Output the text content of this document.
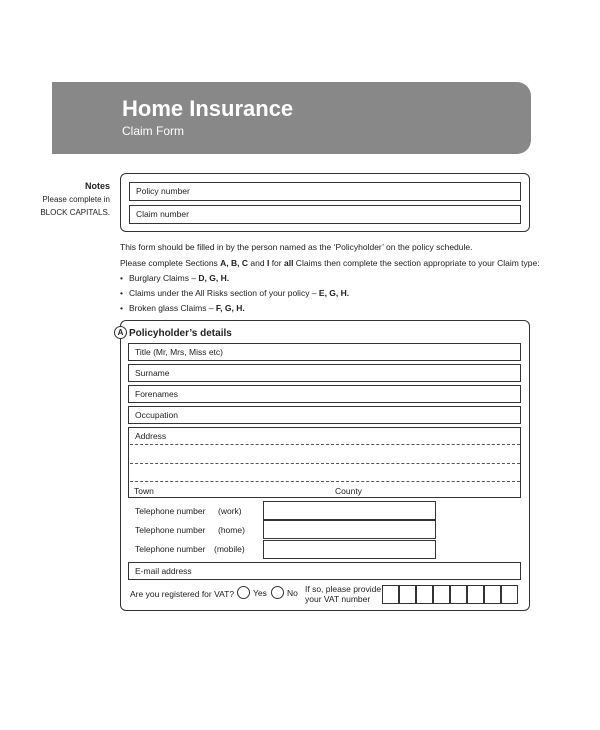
Home Insurance
Claim Form
Notes
Please complete in
BLOCK CAPITALS.
Policy number
Claim number
This form should be filled in by the person named as the ‘Policyholder’ on the policy schedule.
Please complete Sections A, B, C and I for all Claims then complete the section appropriate to your Claim type:
• Burglary Claims – D, G, H.
• Claims under the All Risks section of your policy – E, G, H.
• Broken glass Claims – F, G, H.
A Policyholder’s details
Title (Mr, Mrs, Miss etc)
Surname
Forenames
Occupation
Address
Town	County
Telephone number (work)
Telephone number (home)
Telephone number (mobile)
E-mail address
Are you registered for VAT? Yes No If so, please provide
your VAT number
